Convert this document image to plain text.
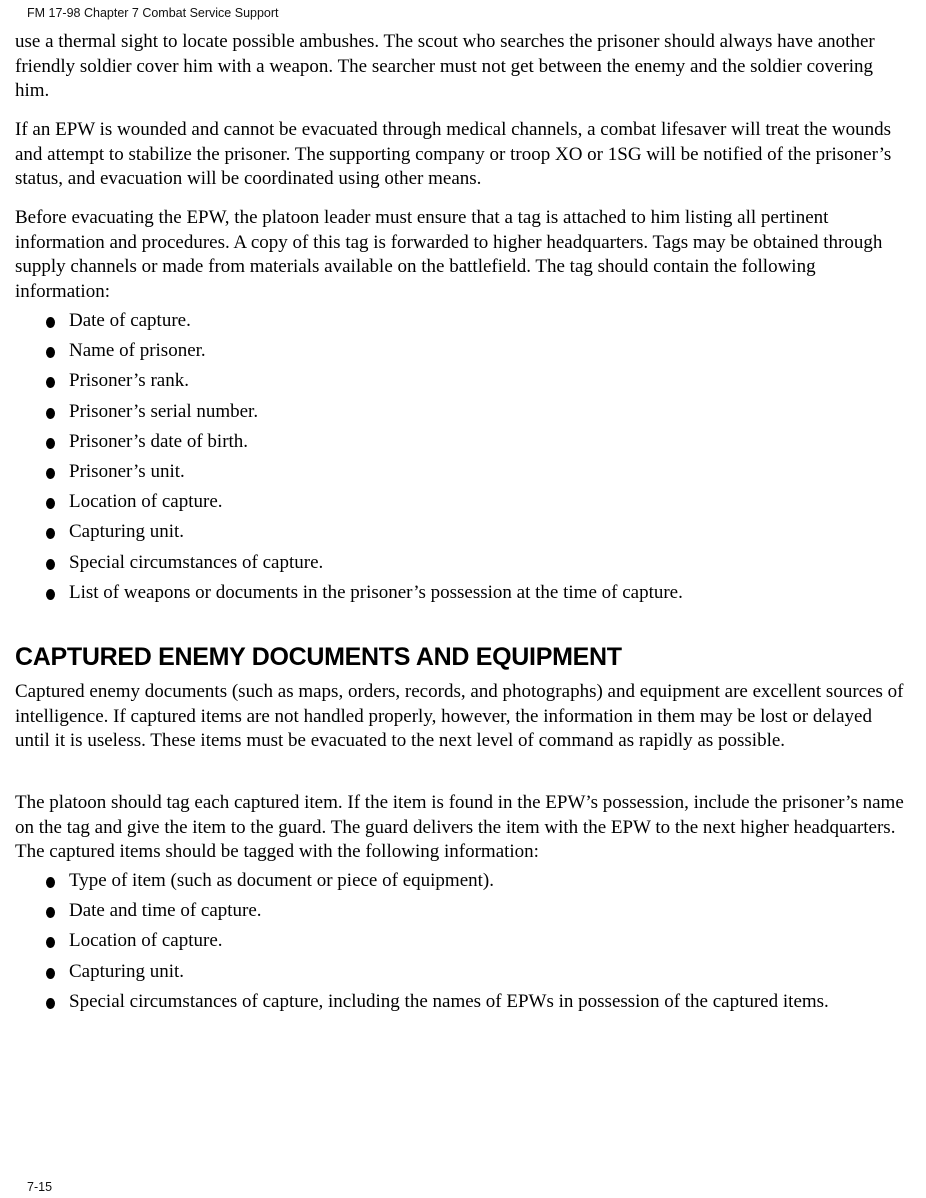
FM 17-98 Chapter 7 Combat Service Support

use a thermal sight to locate possible ambushes. The scout who searches the prisoner should always have another friendly soldier cover him with a weapon. The searcher must not get between the enemy and the soldier covering him.

If an EPW is wounded and cannot be evacuated through medical channels, a combat lifesaver will treat the wounds and attempt to stabilize the prisoner. The supporting company or troop XO or 1SG will be notified of the prisoner’s status, and evacuation will be coordinated using other means.

Before evacuating the EPW, the platoon leader must ensure that a tag is attached to him listing all pertinent information and procedures. A copy of this tag is forwarded to higher headquarters. Tags may be obtained through supply channels or made from materials available on the battlefield. The tag should contain the following information:

Date of capture.
Name of prisoner.
Prisoner’s rank.
Prisoner’s serial number.
Prisoner’s date of birth.
Prisoner’s unit.
Location of capture.
Capturing unit.
Special circumstances of capture.
List of weapons or documents in the prisoner’s possession at the time of capture.
CAPTURED ENEMY DOCUMENTS AND EQUIPMENT

Captured enemy documents (such as maps, orders, records, and photographs) and equipment are excellent sources of intelligence. If captured items are not handled properly, however, the information in them may be lost or delayed until it is useless. These items must be evacuated to the next level of command as rapidly as possible.

The platoon should tag each captured item. If the item is found in the EPW’s possession, include the prisoner’s name on the tag and give the item to the guard. The guard delivers the item with the EPW to the next higher headquarters. The captured items should be tagged with the following information:

Type of item (such as document or piece of equipment).
Date and time of capture.
Location of capture.
Capturing unit.
Special circumstances of capture, including the names of EPWs in possession of the captured items.
7-15
